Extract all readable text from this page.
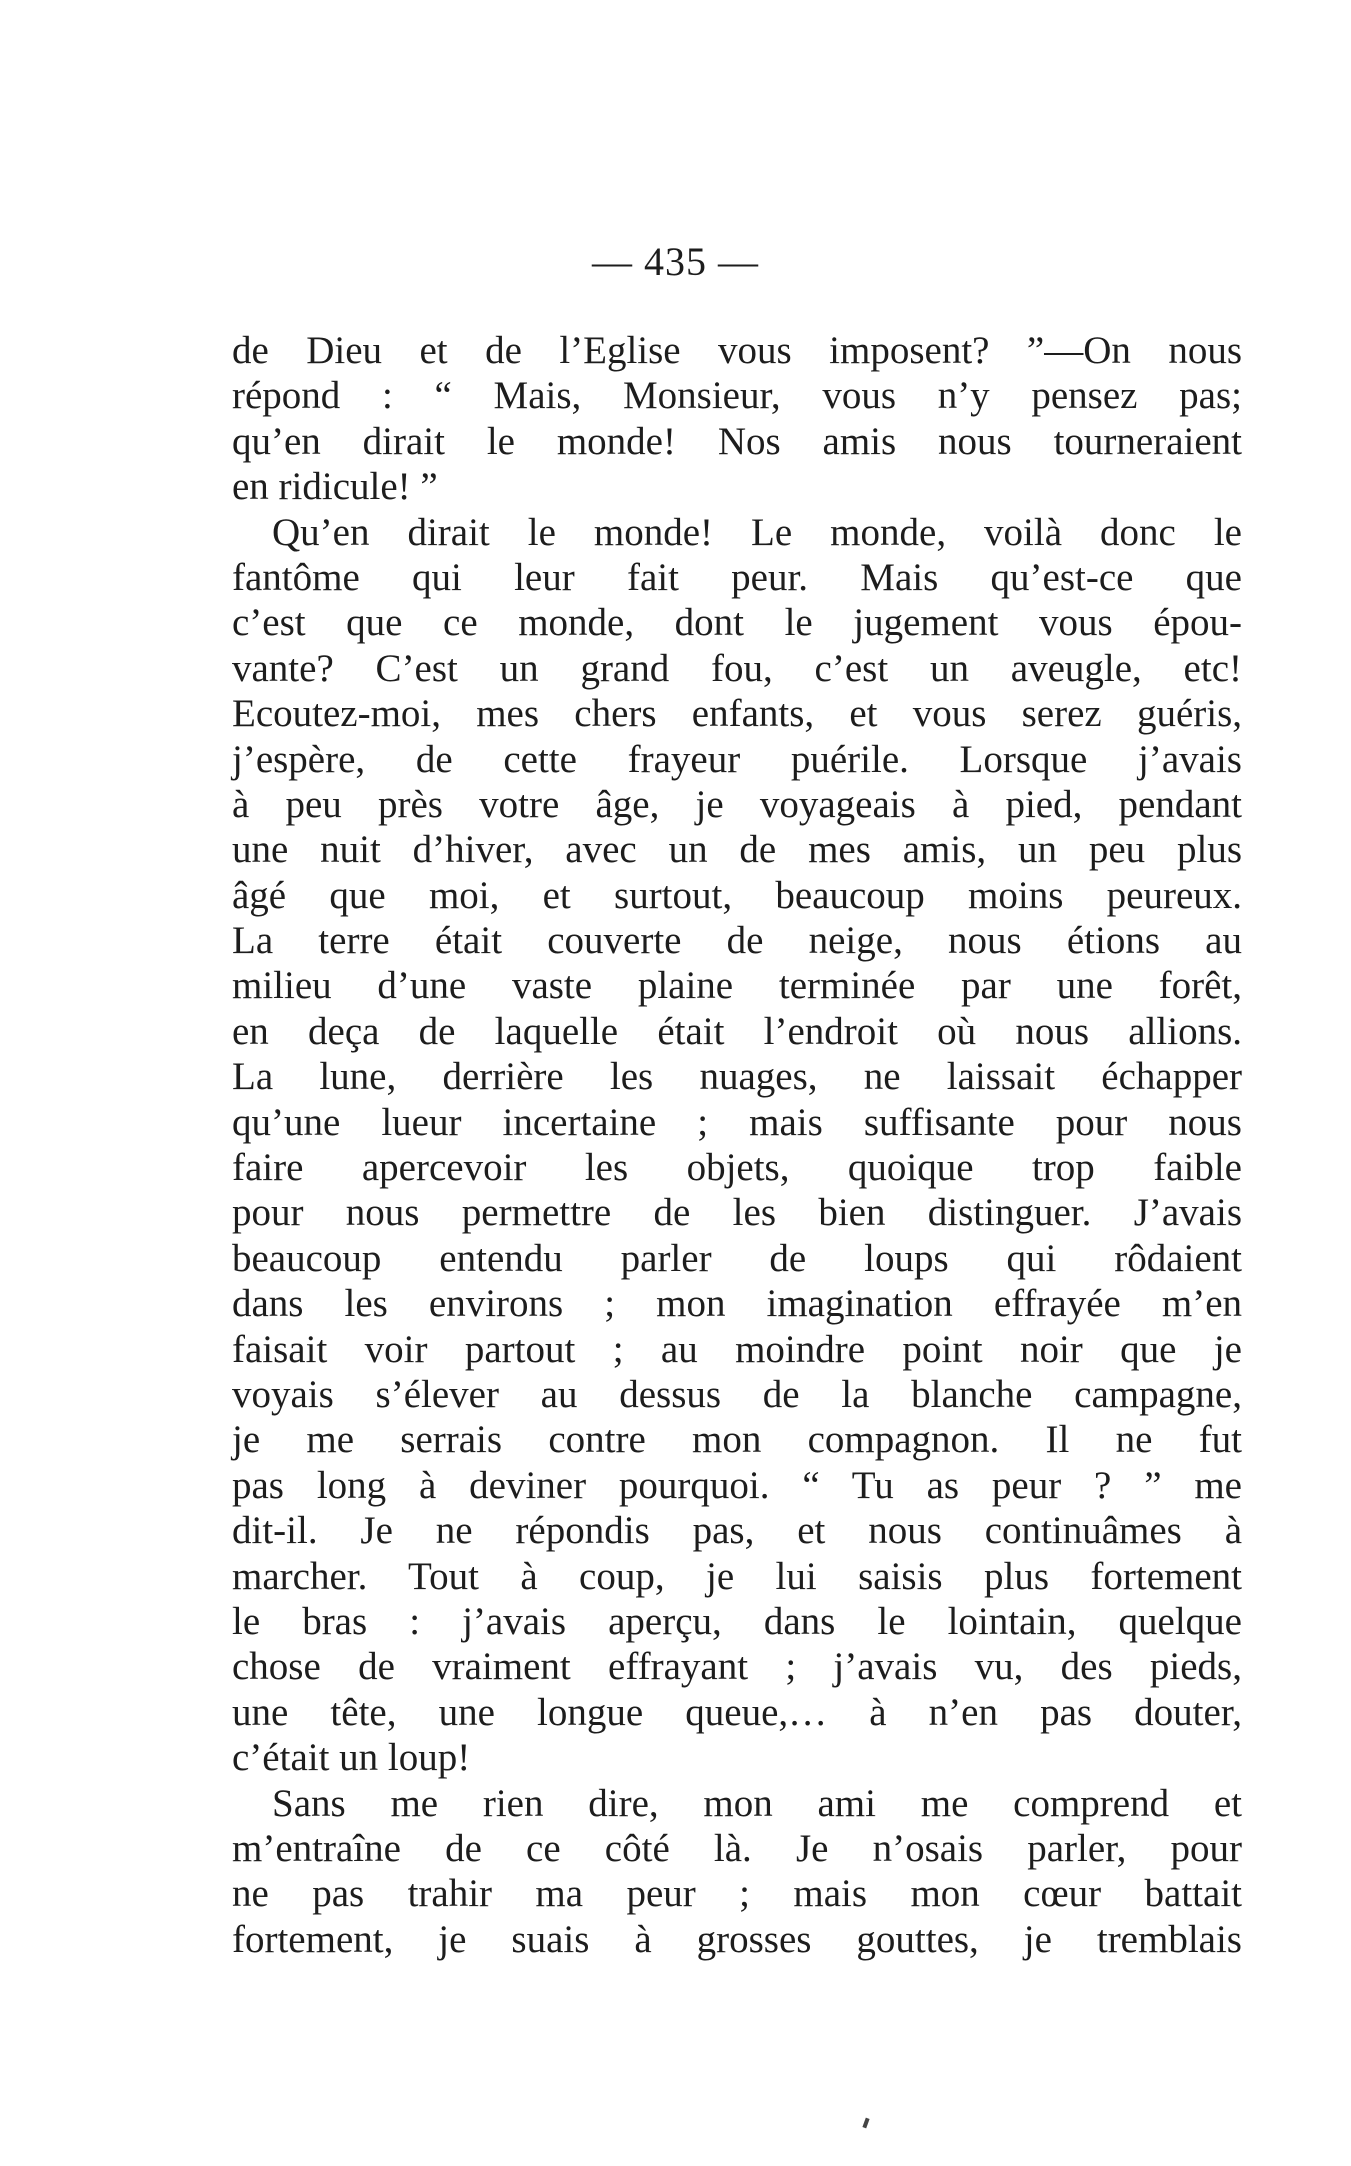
— 435 —
de Dieu et de l’Eglise vous imposent? ”—On nous
répond : “ Mais, Monsieur, vous n’y pensez pas;
qu’en dirait le monde! Nos amis nous tourneraient
en ridicule! ”
Qu’en dirait le monde! Le monde, voilà donc le
fantôme qui leur fait peur. Mais qu’est-ce que
c’est que ce monde, dont le jugement vous épou-
vante? C’est un grand fou, c’est un aveugle, etc!
Ecoutez-moi, mes chers enfants, et vous serez guéris,
j’espère, de cette frayeur puérile. Lorsque j’avais
à peu près votre âge, je voyageais à pied, pendant
une nuit d’hiver, avec un de mes amis, un peu plus
âgé que moi, et surtout, beaucoup moins peureux.
La terre était couverte de neige, nous étions au
milieu d’une vaste plaine terminée par une forêt,
en deça de laquelle était l’endroit où nous allions.
La lune, derrière les nuages, ne laissait échapper
qu’une lueur incertaine ; mais suffisante pour nous
faire apercevoir les objets, quoique trop faible
pour nous permettre de les bien distinguer. J’avais
beaucoup entendu parler de loups qui rôdaient
dans les environs ; mon imagination effrayée m’en
faisait voir partout ; au moindre point noir que je
voyais s’élever au dessus de la blanche campagne,
je me serrais contre mon compagnon. Il ne fut
pas long à deviner pourquoi. “ Tu as peur ? ” me
dit-il. Je ne répondis pas, et nous continuâmes à
marcher. Tout à coup, je lui saisis plus fortement
le bras : j’avais aperçu, dans le lointain, quelque
chose de vraiment effrayant ; j’avais vu, des pieds,
une tête, une longue queue,… à n’en pas douter,
c’était un loup!
Sans me rien dire, mon ami me comprend et
m’entraîne de ce côté là. Je n’osais parler, pour
ne pas trahir ma peur ; mais mon cœur battait
fortement, je suais à grosses gouttes, je tremblais
